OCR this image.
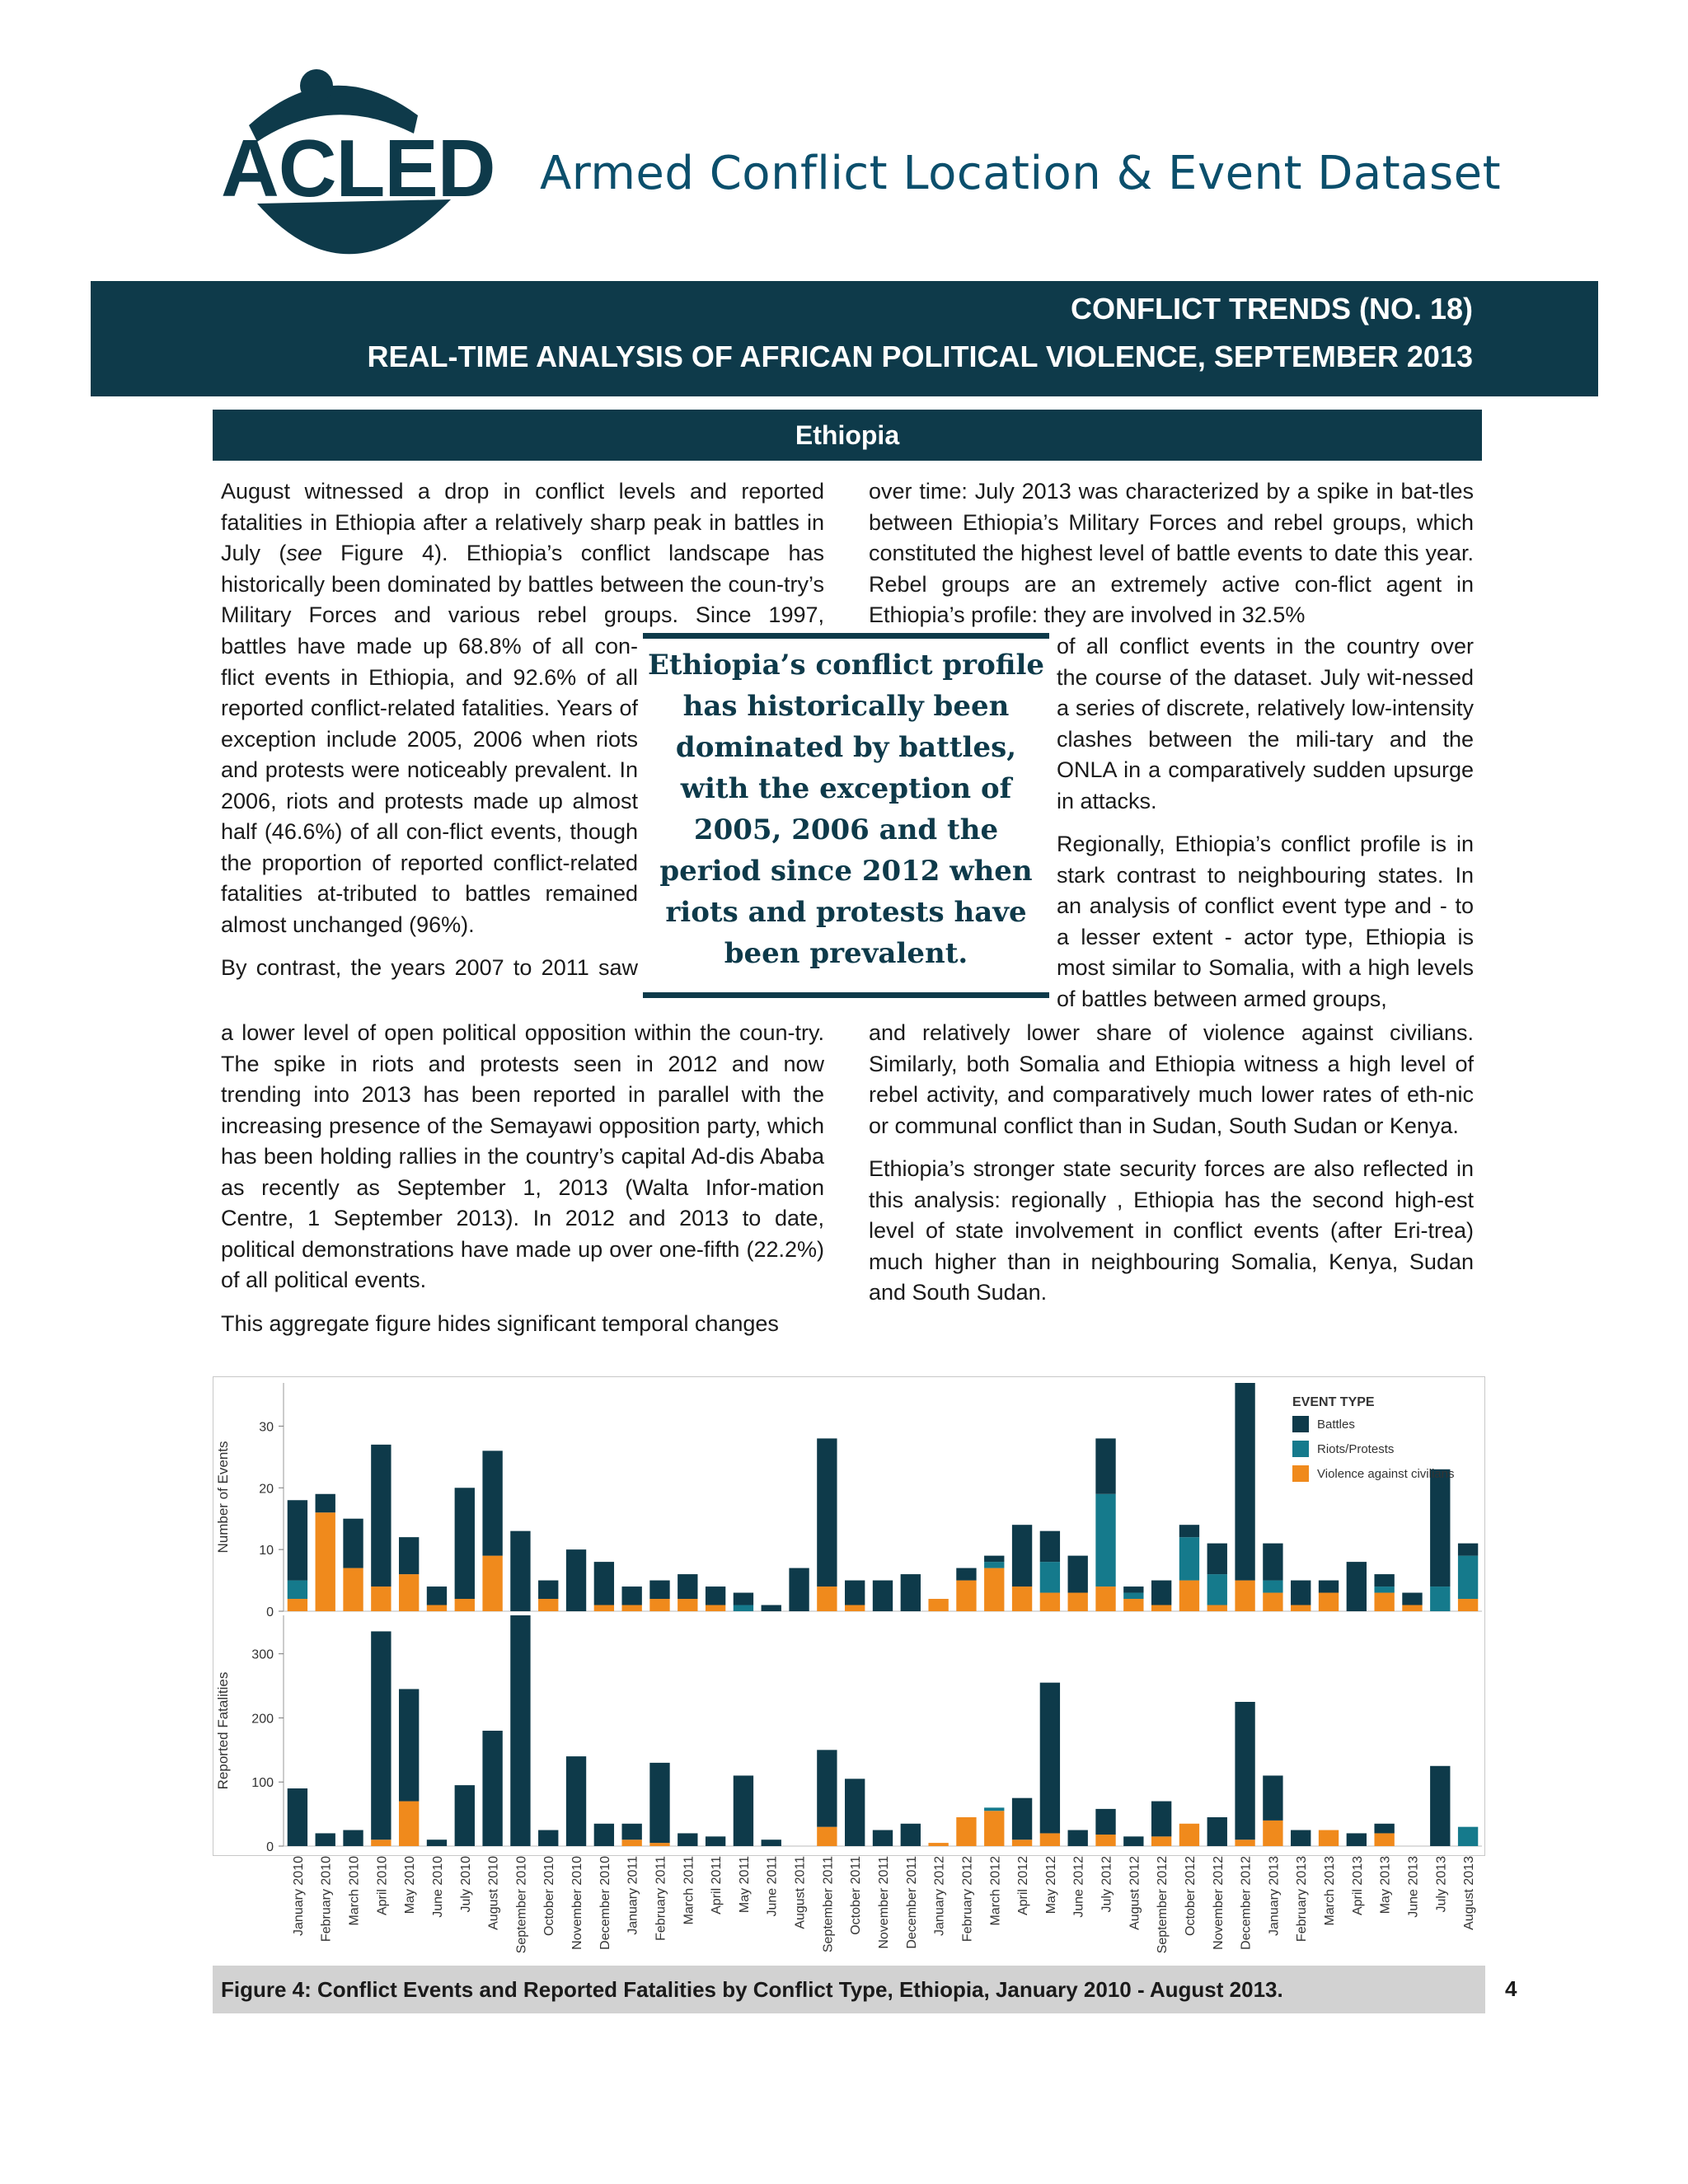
ACLED Armed Conflict Location & Event Dataset
CONFLICT TRENDS (NO. 18)
REAL-TIME ANALYSIS OF AFRICAN POLITICAL VIOLENCE, SEPTEMBER 2013
Ethiopia

August witnessed a drop in conflict levels and reported fatalities in Ethiopia after a relatively sharp peak in battles in July (see Figure 4). Ethiopia’s conflict landscape has historically been dominated by battles between the coun-try’s Military Forces and various rebel groups. Since 1997,

battles have made up 68.8% of all con-flict events in Ethiopia, and 92.6% of all reported conflict-related fatalities. Years of exception include 2005, 2006 when riots and protests were noticeably prevalent. In 2006, riots and protests made up almost half (46.6%) of all con-flict events, though the proportion of reported conflict-related fatalities at-tributed to battles remained almost unchanged (96%).

By contrast, the years 2007 to 2011 saw

a lower level of open political opposition within the coun-try. The spike in riots and protests seen in 2012 and now trending into 2013 has been reported in parallel with the increasing presence of the Semayawi opposition party, which has been holding rallies in the country’s capital Ad-dis Ababa as recently as September 1, 2013 (Walta Infor-mation Centre, 1 September 2013). In 2012 and 2013 to date, political demonstrations have made up over one-fifth (22.2%) of all political events.

This aggregate figure hides significant temporal changes

over time: July 2013 was characterized by a spike in bat-tles between Ethiopia’s Military Forces and rebel groups, which constituted the highest level of battle events to date this year. Rebel groups are an extremely active con-flict agent in Ethiopia’s profile: they are involved in 32.5%

of all conflict events in the country over the course of the dataset. July wit-nessed a series of discrete, relatively low-intensity clashes between the mili-tary and the ONLA in a comparatively sudden upsurge in attacks.

Regionally, Ethiopia’s conflict profile is in stark contrast to neighbouring states. In an analysis of conflict event type and - to a lesser extent - actor type, Ethiopia is most similar to Somalia, with a high levels of battles between armed groups,

and relatively lower share of violence against civilians. Similarly, both Somalia and Ethiopia witness a high level of rebel activity, and comparatively much lower rates of eth-nic or communal conflict than in Sudan, South Sudan or Kenya.

Ethiopia’s stronger state security forces are also reflected in this analysis: regionally , Ethiopia has the second high-est level of state involvement in conflict events (after Eri-trea) much higher than in neighbouring Somalia, Kenya, Sudan and South Sudan.

Ethiopia’s conflict profile has historically been dominated by battles, with the exception of 2005, 2006 and the period since 2012 when riots and protests have been prevalent.
0
10
20
30
Number of Events
0
100
200
300
Reported Fatalities
January 2010 February 2010 March 2010 April 2010 May 2010 June 2010 July 2010 August 2010 September 2010 October 2010 November 2010 December 2010 January 2011 February 2011 March 2011 April 2011 May 2011 June 2011 August 2011 September 2011 October 2011 November 2011 December 2011 January 2012 February 2012 March 2012 April 2012 May 2012 June 2012 July 2012 August 2012 September 2012 October 2012 November 2012 December 2012 January 2013 February 2013 March 2013 April 2013 May 2013 June 2013 July 2013 August 2013
EVENT TYPE
Battles
Riots/Protests
Violence against civilians
Figure 4: Conflict Events and Reported Fatalities by Conflict Type, Ethiopia, January 2010 - August 2013.	4
